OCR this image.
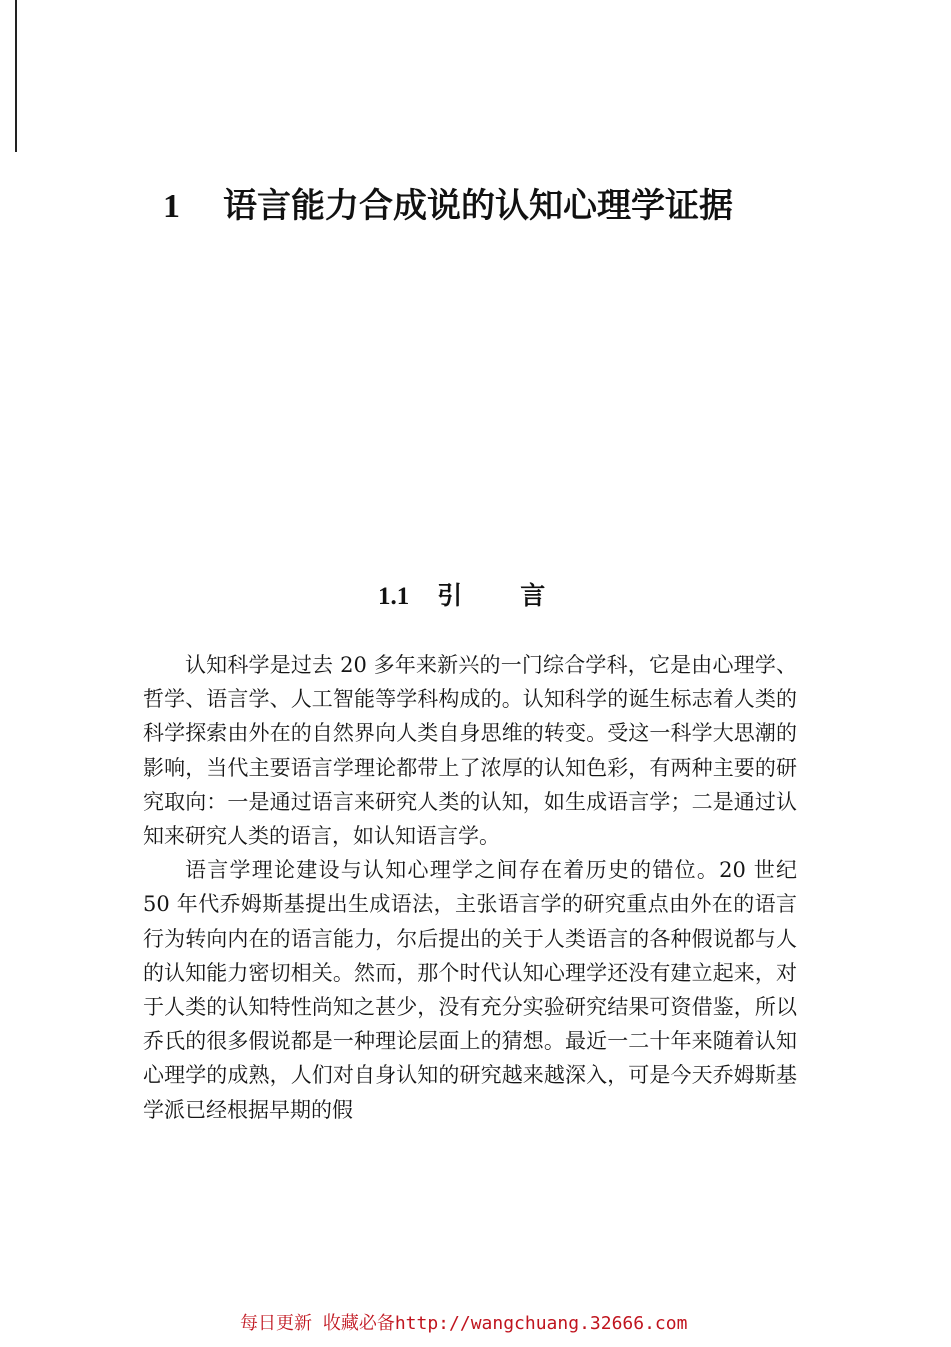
1 语言能力合成说的认知心理学证据
1.1 引言

认知科学是过去 20 多年来新兴的一门综合学科，它是由心理学、哲学、语言学、人工智能等学科构成的。认知科学的诞生标志着人类的科学探索由外在的自然界向人类自身思维的转变。受这一科学大思潮的影响，当代主要语言学理论都带上了浓厚的认知色彩，有两种主要的研究取向：一是通过语言来研究人类的认知，如生成语言学；二是通过认知来研究人类的语言，如认知语言学。

语言学理论建设与认知心理学之间存在着历史的错位。20 世纪 50 年代乔姆斯基提出生成语法，主张语言学的研究重点由外在的语言行为转向内在的语言能力，尔后提出的关于人类语言的各种假说都与人的认知能力密切相关。然而，那个时代认知心理学还没有建立起来，对于人类的认知特性尚知之甚少，没有充分实验研究结果可资借鉴，所以乔氏的很多假说都是一种理论层面上的猜想。最近一二十年来随着认知心理学的成熟，人们对自身认知的研究越来越深入，可是今天乔姆斯基学派已经根据早期的假

每日更新 收藏必备http://wangchuang.32666.com
